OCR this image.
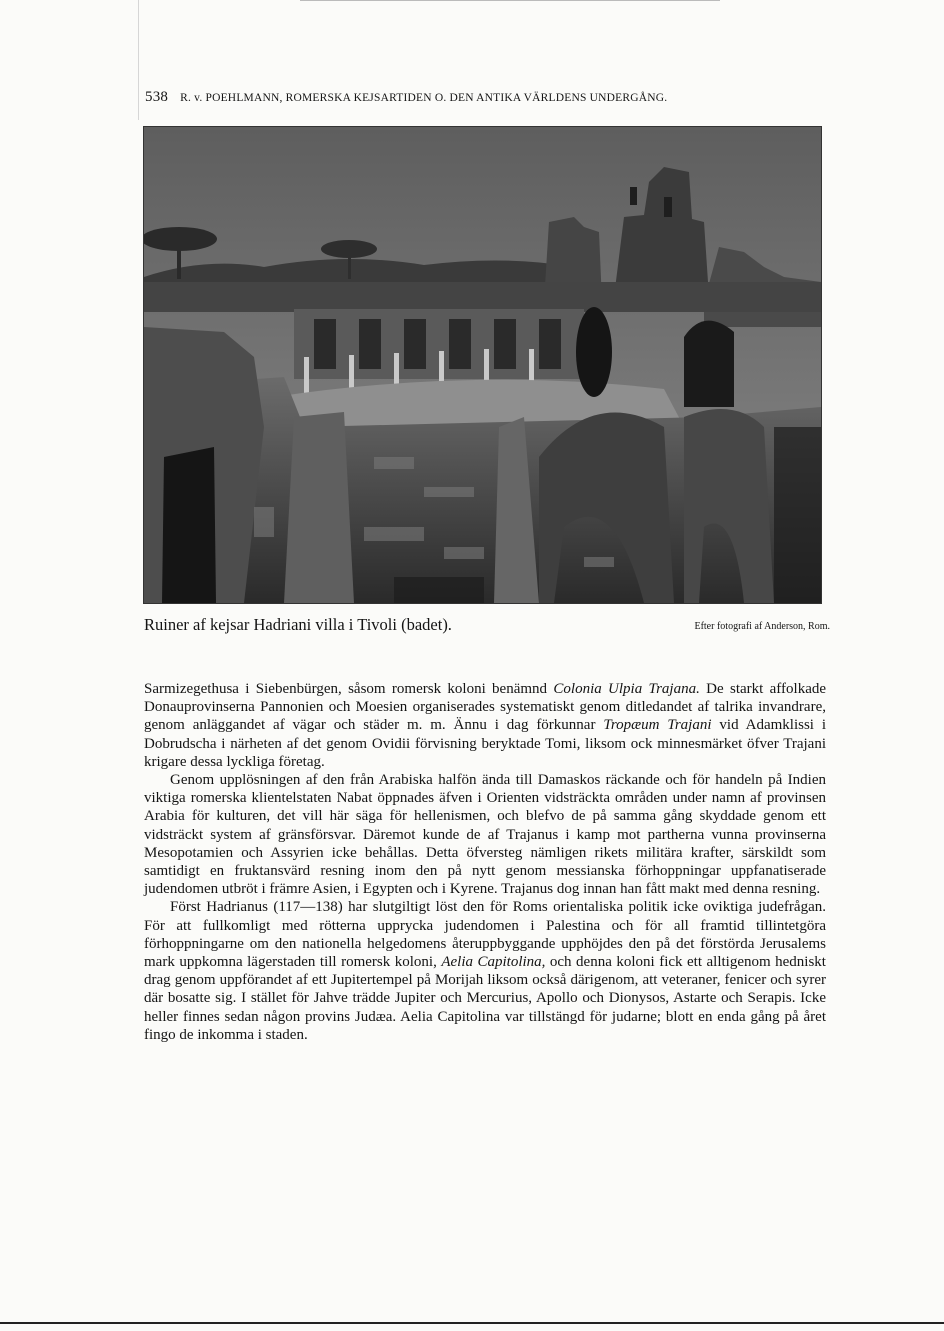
538 R. v. POEHLMANN, ROMERSKA KEJSARTIDEN O. DEN ANTIKA VÄRLDENS UNDERGÅNG.
Ruiner af kejsar Hadriani villa i Tivoli (badet).	Efter fotografi af Anderson, Rom.

Sarmizegethusa i Siebenbürgen, såsom romersk koloni benämnd Colonia Ulpia Trajana. De starkt affolkade Donauprovinserna Pannonien och Moesien organiserades systematiskt genom ditledandet af talrika invandrare, genom anläggandet af vägar och städer m. m. Ännu i dag förkunnar Tropæum Trajani vid Adamklissi i Dobrudscha i närheten af det genom Ovidii förvisning beryktade Tomi, liksom ock minnesmärket öfver Trajani krigare dessa lyckliga företag.

Genom upplösningen af den från Arabiska halfön ända till Damaskos räckande och för handeln på Indien viktiga romerska klientelstaten Nabat öppnades äfven i Orienten vidsträckta områden under namn af provinsen Arabia för kulturen, det vill här säga för hellenismen, och blefvo de på samma gång skyddade genom ett vidsträckt system af gränsförsvar. Däremot kunde de af Trajanus i kamp mot partherna vunna provinserna Mesopotamien och Assyrien icke behållas. Detta öfversteg nämligen rikets militära krafter, särskildt som samtidigt en fruktansvärd resning inom den på nytt genom messianska förhoppningar uppfanatiserade judendomen utbröt i främre Asien, i Egypten och i Kyrene. Trajanus dog innan han fått makt med denna resning.

Först Hadrianus (117—138) har slutgiltigt löst den för Roms orientaliska politik icke oviktiga judefrågan. För att fullkomligt med rötterna upprycka judendomen i Palestina och för all framtid tillintetgöra förhoppningarne om den nationella helgedomens återuppbyggande upphöjdes den på det förstörda Jerusalems mark uppkomna lägerstaden till romersk koloni, Aelia Capitolina, och denna koloni fick ett alltigenom hedniskt drag genom uppförandet af ett Jupitertempel på Morijah liksom också därigenom, att veteraner, fenicer och syrer där bosatte sig. I stället för Jahve trädde Jupiter och Mercurius, Apollo och Dionysos, Astarte och Serapis. Icke heller finnes sedan någon provins Judæa. Aelia Capitolina var tillstängd för judarne; blott en enda gång på året fingo de inkomma i staden.
